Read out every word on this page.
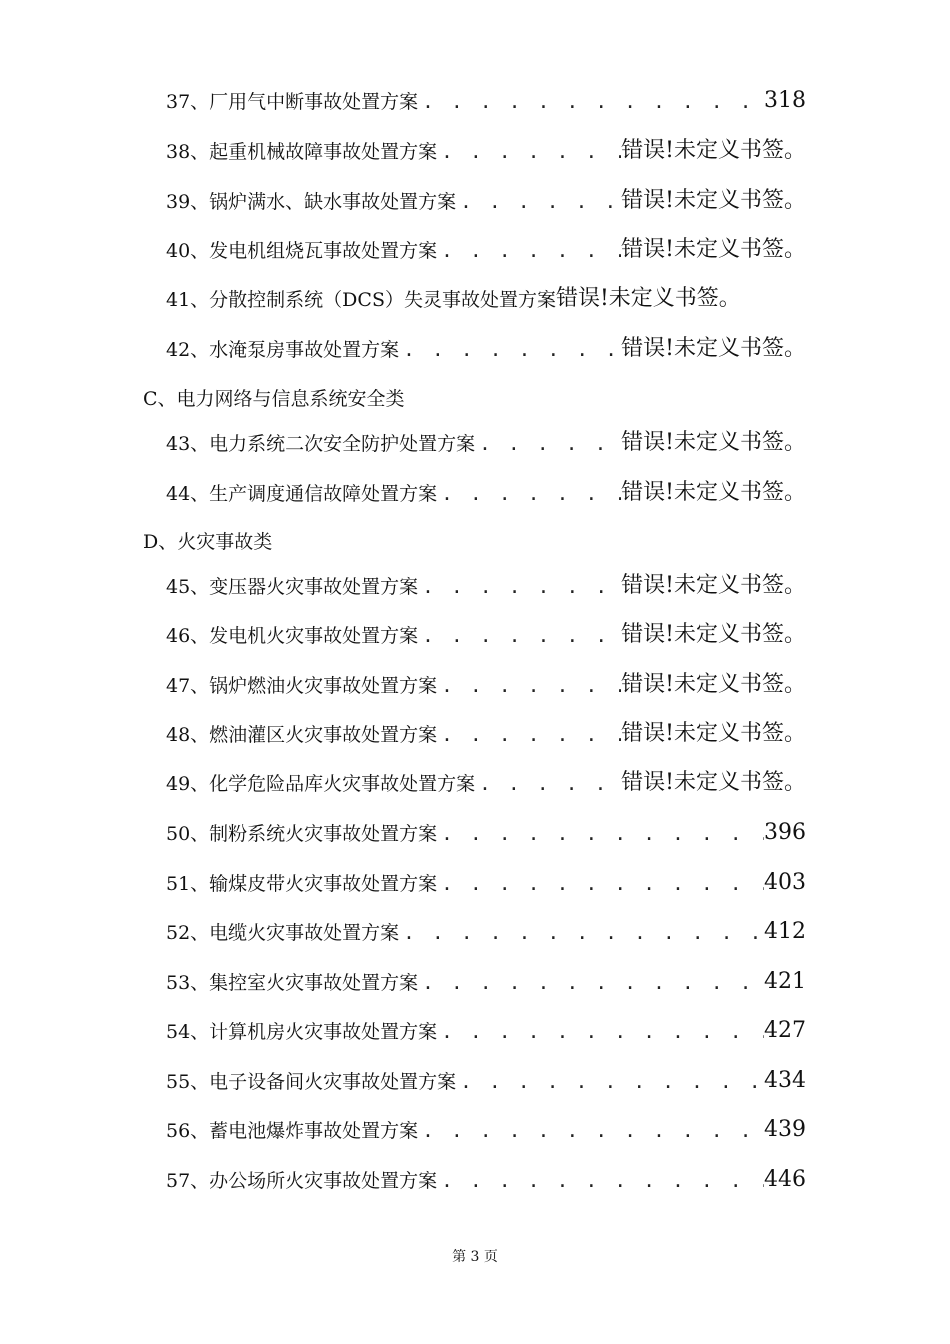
37、厂用气中断事故处置方案 . . .	318
38、起重机械故障事故处置方案 . . .	错误!未定义书签。
39、锅炉满水、缺水事故处置方案 . . .	错误!未定义书签。
40、发电机组烧瓦事故处置方案 . . .	错误!未定义书签。
41、分散控制系统（DCS）失灵事故处置方案 错误!未定义书签。
42、水淹泵房事故处置方案 . . .	错误!未定义书签。
C、电力网络与信息系统安全类
43、电力系统二次安全防护处置方案 . . .	错误!未定义书签。
44、生产调度通信故障处置方案 . . .	错误!未定义书签。
D、火灾事故类
45、变压器火灾事故处置方案 . . .	错误!未定义书签。
46、发电机火灾事故处置方案 . . .	错误!未定义书签。
47、锅炉燃油火灾事故处置方案 . . .	错误!未定义书签。
48、燃油灌区火灾事故处置方案 . . .	错误!未定义书签。
49、化学危险品库火灾事故处置方案 . . .	错误!未定义书签。
50、制粉系统火灾事故处置方案 . . .	396
51、输煤皮带火灾事故处置方案 . . .	403
52、电缆火灾事故处置方案 . . .	412
53、集控室火灾事故处置方案 . . .	421
54、计算机房火灾事故处置方案 . . .	427
55、电子设备间火灾事故处置方案 . . .	434
56、蓄电池爆炸事故处置方案 . . .	439
57、办公场所火灾事故处置方案 . . .	446
第 3 页
